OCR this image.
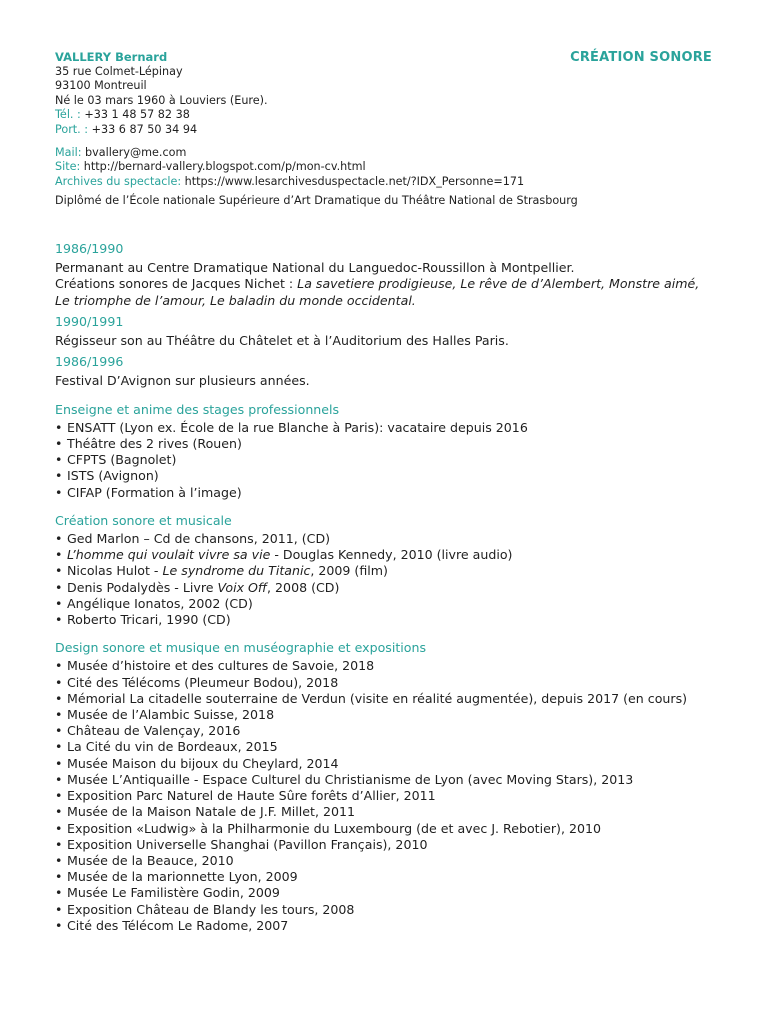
CRÉATION SONORE
VALLERY Bernard
35 rue Colmet-Lépinay
93100 Montreuil
Né le 03 mars 1960 à Louviers (Eure).
Tél. : +33 1 48 57 82 38
Port. : +33 6 87 50 34 94
Mail: bvallery@me.com
Site: http://bernard-vallery.blogspot.com/p/mon-cv.html
Archives du spectacle: https://www.lesarchivesduspectacle.net/?IDX_Personne=171
Diplômé de l’École nationale Supérieure d’Art Dramatique du Théâtre National de Strasbourg
1986/1990
Permanant au Centre Dramatique National du Languedoc-Roussillon à Montpellier.
Créations sonores de Jacques Nichet : La savetiere prodigieuse, Le rêve de d’Alembert, Monstre aimé,
Le triomphe de l’amour, Le baladin du monde occidental.
1990/1991
Régisseur son au Théâtre du Châtelet et à l’Auditorium des Halles Paris.
1986/1996
Festival D’Avignon sur plusieurs années.
Enseigne et anime des stages professionnels
• ENSATT (Lyon ex. École de la rue Blanche à Paris): vacataire depuis 2016
• Théâtre des 2 rives (Rouen)
• CFPTS (Bagnolet)
• ISTS (Avignon)
• CIFAP (Formation à l’image)
Création sonore et musicale
• Ged Marlon – Cd de chansons, 2011, (CD)
• L’homme qui voulait vivre sa vie - Douglas Kennedy, 2010 (livre audio)
• Nicolas Hulot - Le syndrome du Titanic, 2009 (film)
• Denis Podalydès - Livre Voix Off, 2008 (CD)
• Angélique Ionatos, 2002 (CD)
• Roberto Tricari, 1990 (CD)
Design sonore et musique en muséographie et expositions
• Musée d’histoire et des cultures de Savoie, 2018
• Cité des Télécoms (Pleumeur Bodou), 2018
• Mémorial La citadelle souterraine de Verdun (visite en réalité augmentée), depuis 2017 (en cours)
• Musée de l’Alambic Suisse, 2018
• Château de Valençay, 2016
• La Cité du vin de Bordeaux, 2015
• Musée Maison du bijoux du Cheylard, 2014
• Musée L’Antiquaille - Espace Culturel du Christianisme de Lyon (avec Moving Stars), 2013
• Exposition Parc Naturel de Haute Sûre forêts d’Allier, 2011
• Musée de la Maison Natale de J.F. Millet, 2011
• Exposition «Ludwig» à la Philharmonie du Luxembourg (de et avec J. Rebotier), 2010
• Exposition Universelle Shanghai (Pavillon Français), 2010
• Musée de la Beauce, 2010
• Musée de la marionnette Lyon, 2009
• Musée Le Familistère Godin, 2009
• Exposition Château de Blandy les tours, 2008
• Cité des Télécom Le Radome, 2007
